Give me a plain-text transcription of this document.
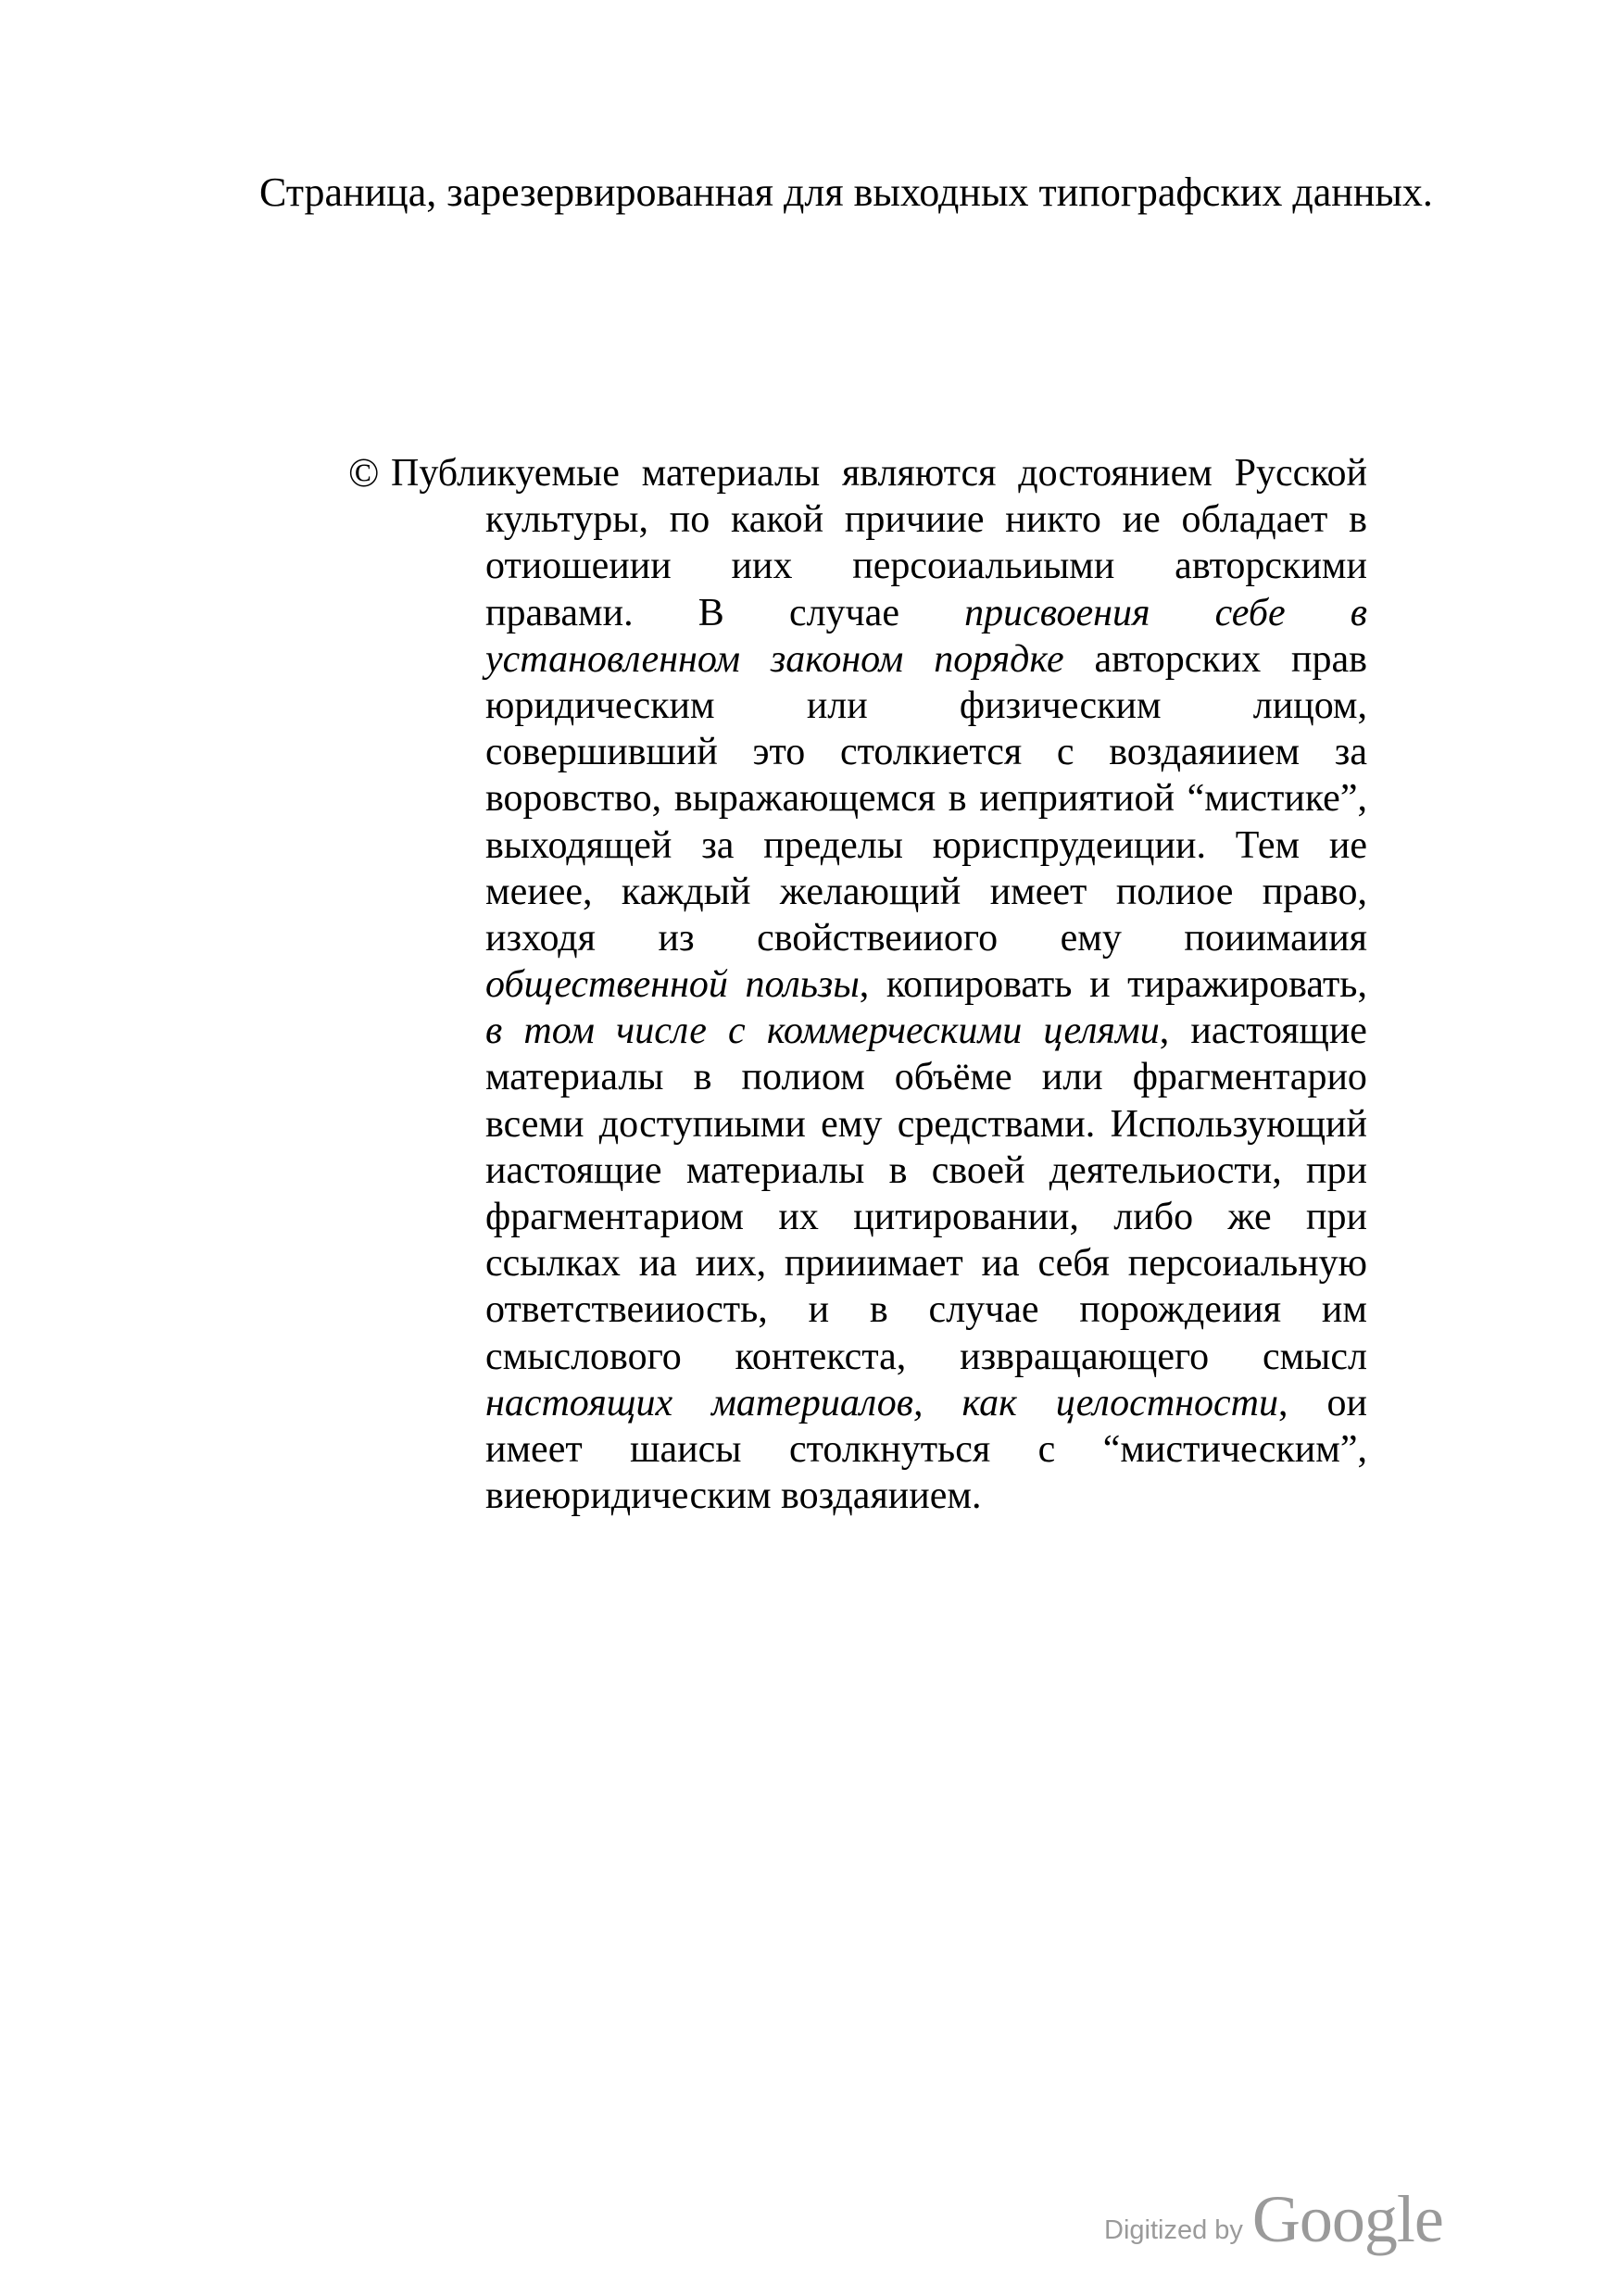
Страница, зарезервированная для выходных типографских данных.
© Публикуемые материалы являются достоянием Русской
культуры, по какой причиие никто ие обладает в
отиошеиии иих персоиальиыми авторскими
правами. В случае присвоения себе в
установленном законом порядке авторских прав
юридическим или физическим лицом,
совершивший это столкиется с воздаяиием за
воровство, выражающемся в иеприятиой “мистике”,
выходящей за пределы юриспрудеиции. Тем ие
меиее, каждый желающий имеет полиое право,
изходя из свойствеииого ему поиимаиия
общественной пользы, копировать и тиражировать,
в том числе с коммерческими целями, иастоящие
материалы в полиом объёме или фрагментарио
всеми доступиыми ему средствами. Использующий
иастоящие материалы в своей деятельиости, при
фрагментариом их цитировании, либо же при
ссылках иа иих, прииимает иа себя персоиальную
ответствеииость, и в случае порождеиия им
смыслового контекста, извращающего смысл
настоящих материалов, как целостности, ои
имеет шаисы столкнуться с “мистическим”,
виеюридическим воздаяиием.
Digitized by Google
